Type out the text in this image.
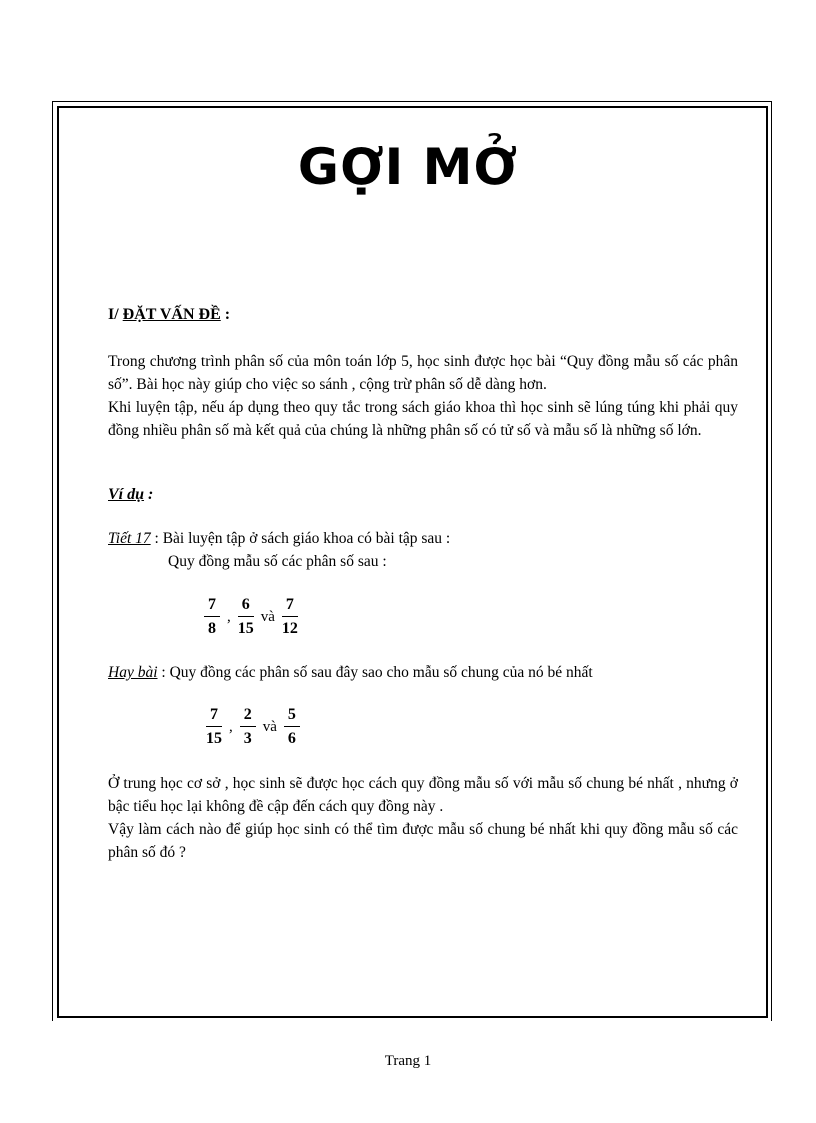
GỢI MỞ
I/ ĐẶT VẤN ĐỀ :

Trong chương trình phân số của môn toán lớp 5, học sinh được học bài “Quy đồng mẫu số các phân số”. Bài học này giúp cho việc so sánh , cộng trừ phân số dễ dàng hơn.

Khi luyện tập, nếu áp dụng theo quy tắc trong sách giáo khoa thì học sinh sẽ lúng túng khi phải quy đồng nhiều phân số mà kết quả của chúng là những phân số có tử số và mẫu số là những số lớn.

Ví dụ :
Tiết 17 : Bài luyện tập ở sách giáo khoa có bài tập sau :
Quy đồng mẫu số các phân số sau :
$\frac{7}{8}$ , $\frac{6}{15}$ và $\frac{7}{12}$
Hay bài : Quy đồng các phân số sau đây sao cho mẫu số chung của nó bé nhất
$\frac{7}{15}$ , $\frac{2}{3}$ và $\frac{5}{6}$

Ở trung học cơ sở , học sinh sẽ được học cách quy đồng mẫu số với mẫu số chung bé nhất , nhưng ở bậc tiểu học lại không đề cập đến cách quy đồng này .

Vậy làm cách nào để giúp học sinh có thể tìm được mẫu số chung bé nhất khi quy đồng mẫu số các phân số đó ?

Trang 1
